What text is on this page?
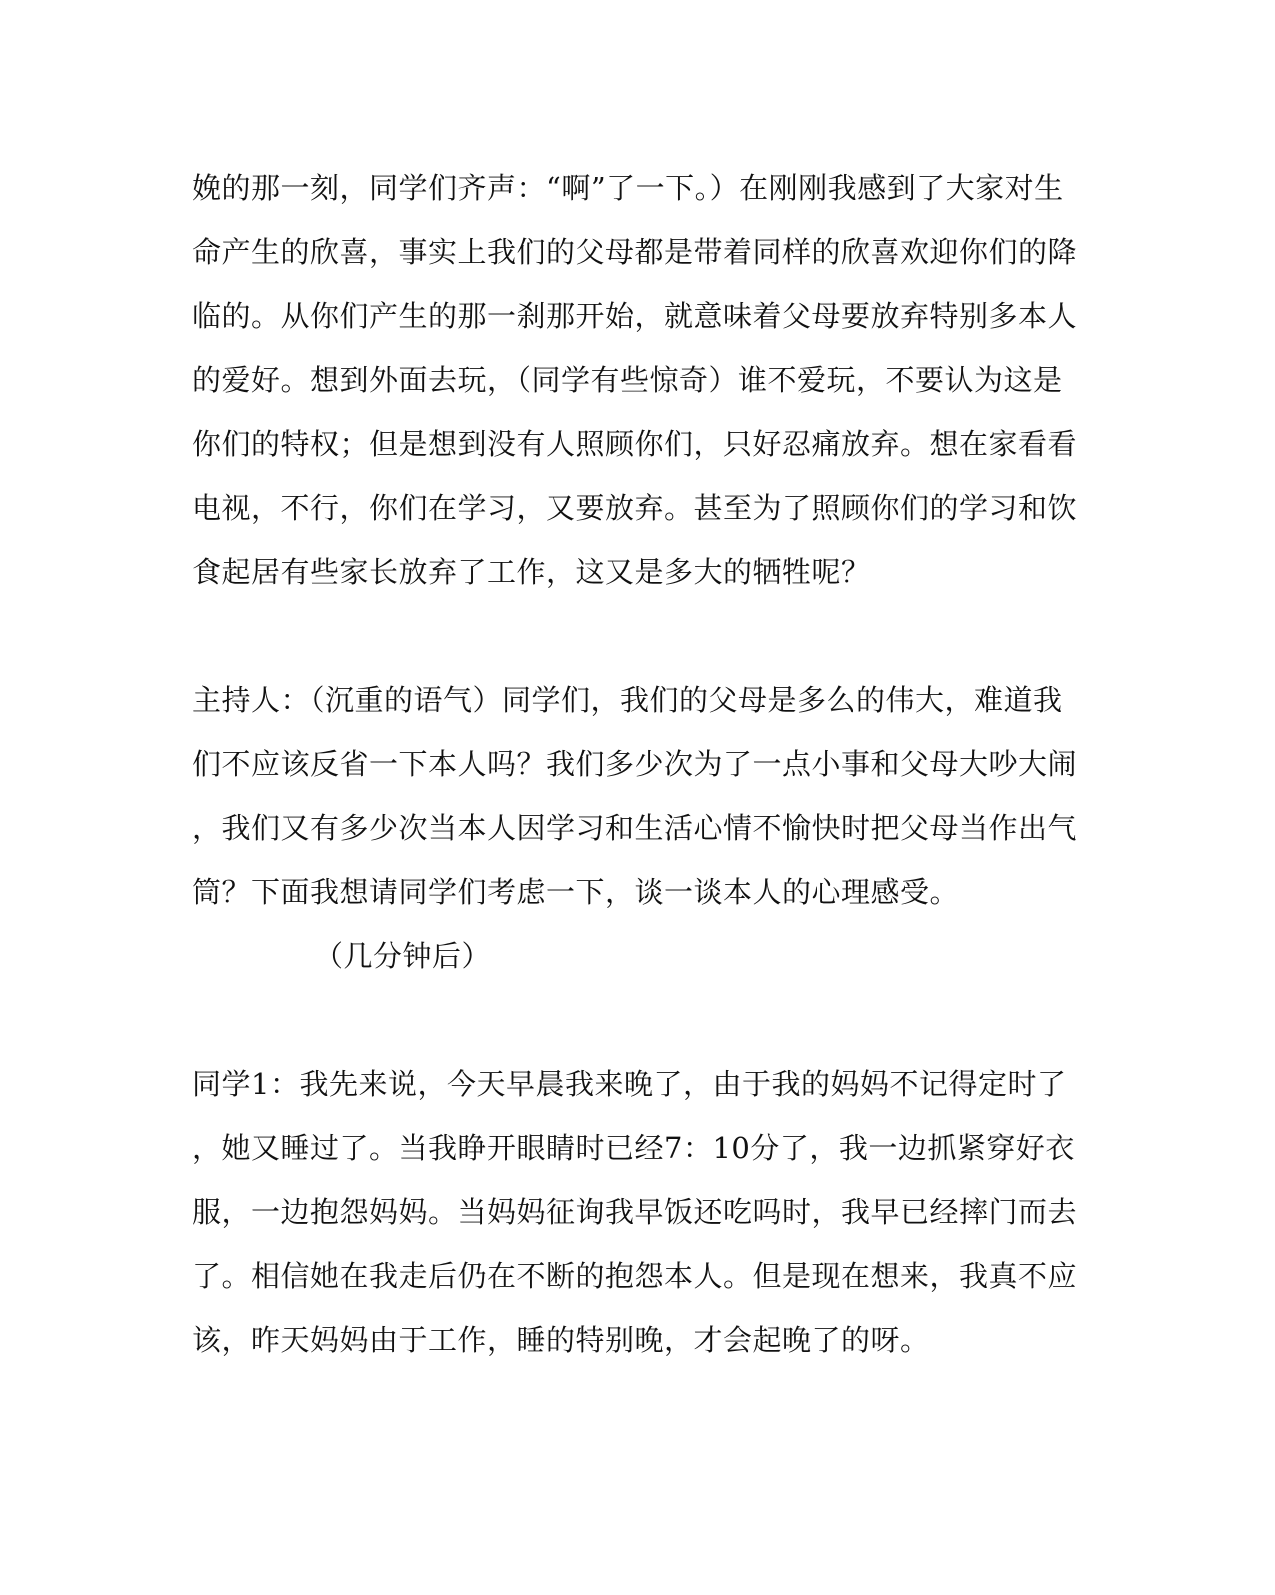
娩的那一刻，同学们齐声：“啊”了一下。）在刚刚我感到了大家对生
命产生的欣喜，事实上我们的父母都是带着同样的欣喜欢迎你们的降
临的。从你们产生的那一刹那开始，就意味着父母要放弃特别多本人
的爱好。想到外面去玩，（同学有些惊奇）谁不爱玩，不要认为这是
你们的特权；但是想到没有人照顾你们，只好忍痛放弃。想在家看看
电视，不行，你们在学习，又要放弃。甚至为了照顾你们的学习和饮
食起居有些家长放弃了工作，这又是多大的牺牲呢？
主持人：（沉重的语气）同学们，我们的父母是多么的伟大，难道我
们不应该反省一下本人吗？我们多少次为了一点小事和父母大吵大闹
，我们又有多少次当本人因学习和生活心情不愉快时把父母当作出气
筒？下面我想请同学们考虑一下，谈一谈本人的心理感受。
（几分钟后）
同学1：我先来说，今天早晨我来晚了，由于我的妈妈不记得定时了
，她又睡过了。当我睁开眼睛时已经7：10分了，我一边抓紧穿好衣
服，一边抱怨妈妈。当妈妈征询我早饭还吃吗时，我早已经摔门而去
了。相信她在我走后仍在不断的抱怨本人。但是现在想来，我真不应
该，昨天妈妈由于工作，睡的特别晚，才会起晚了的呀。
